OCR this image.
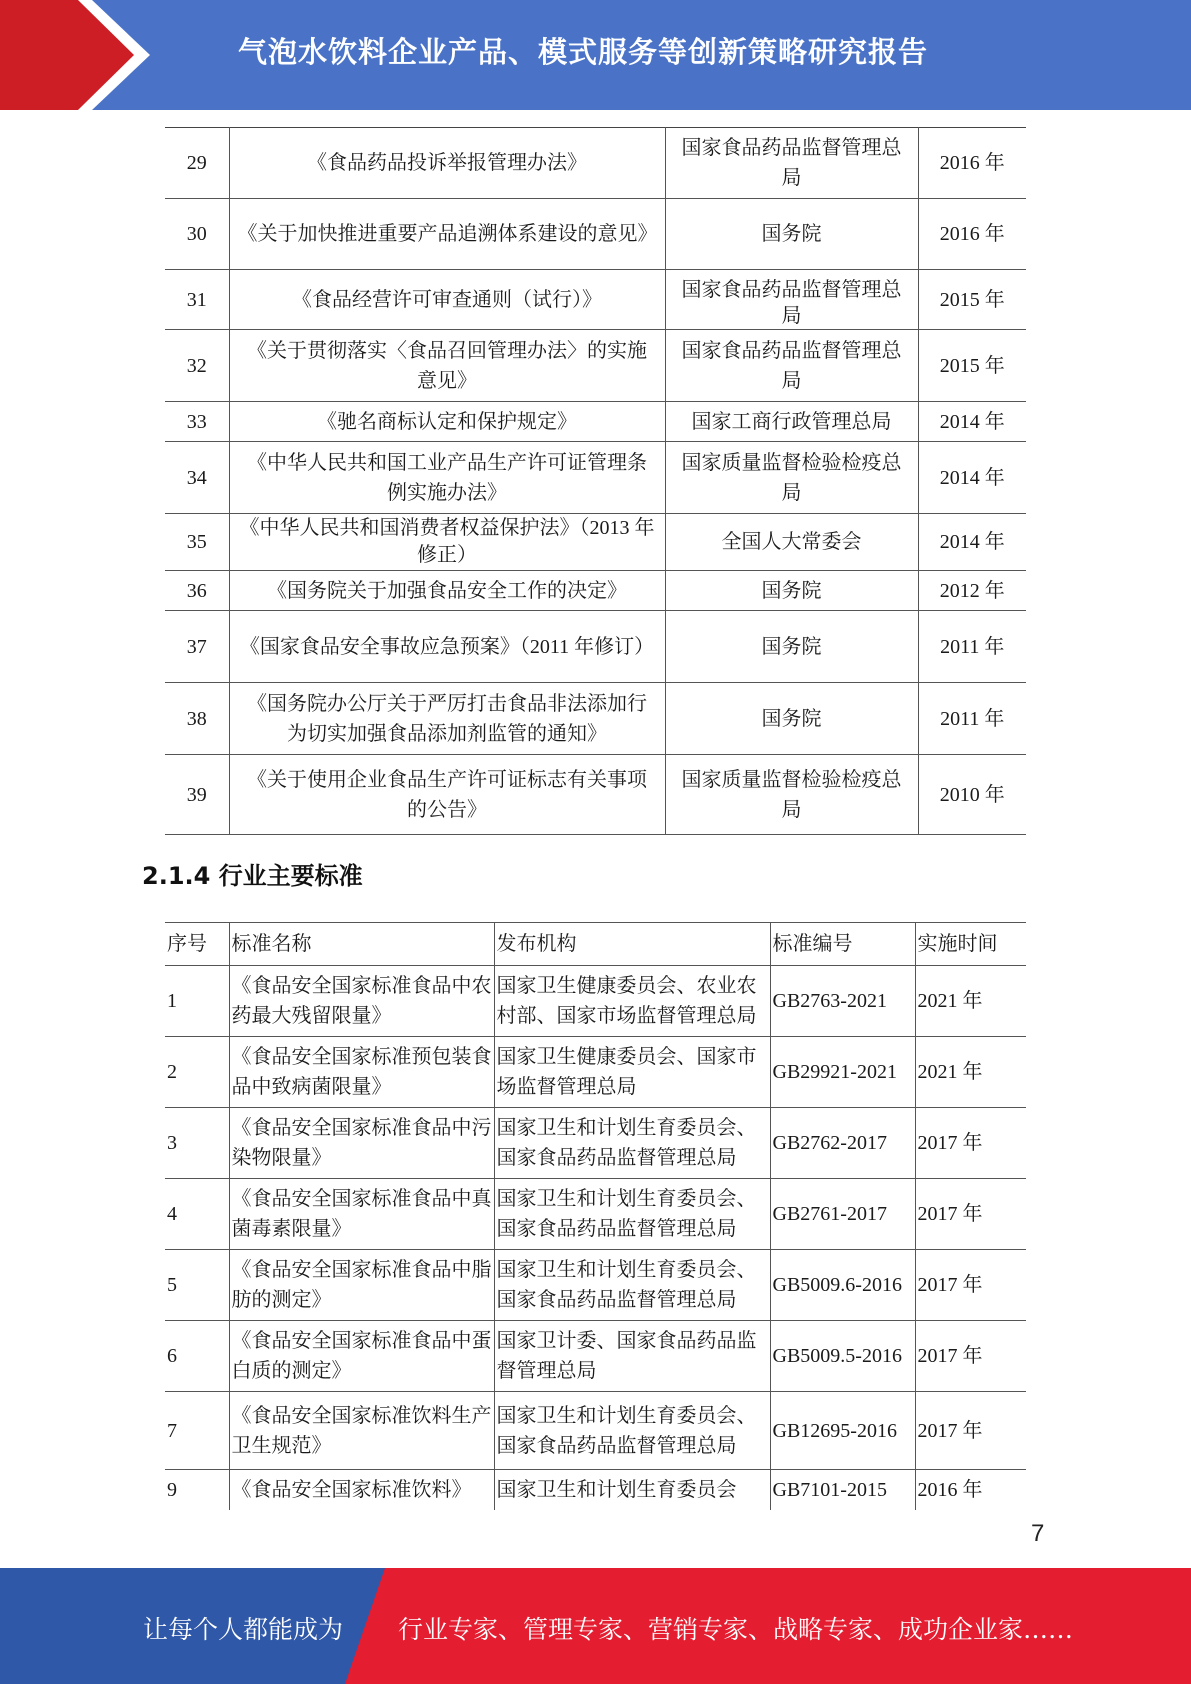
气泡水饮料企业产品、模式服务等创新策略研究报告
29	《食品药品投诉举报管理办法》	国家食品药品监督管理总局	2016 年
30	《关于加快推进重要产品追溯体系建设的意见》	国务院	2016 年
31	《食品经营许可审查通则（试行）》	国家食品药品监督管理总局	2015 年
32	《关于贯彻落实〈食品召回管理办法〉的实施意见》	国家食品药品监督管理总局	2015 年
33	《驰名商标认定和保护规定》	国家工商行政管理总局	2014 年
34	《中华人民共和国工业产品生产许可证管理条例实施办法》	国家质量监督检验检疫总局	2014 年
35	《中华人民共和国消费者权益保护法》（2013 年修正）	全国人大常委会	2014 年
36	《国务院关于加强食品安全工作的决定》	国务院	2012 年
37	《国家食品安全事故应急预案》（2011 年修订）	国务院	2011 年
38	《国务院办公厅关于严厉打击食品非法添加行为切实加强食品添加剂监管的通知》	国务院	2011 年
39	《关于使用企业食品生产许可证标志有关事项的公告》	国家质量监督检验检疫总局	2010 年
2.1.4 行业主要标准
序号	标准名称	发布机构	标准编号	实施时间
1	《食品安全国家标准食品中农药最大残留限量》	国家卫生健康委员会、农业农村部、国家市场监督管理总局	GB2763-2021	2021 年
2	《食品安全国家标准预包装食品中致病菌限量》	国家卫生健康委员会、国家市场监督管理总局	GB29921-2021	2021 年
3	《食品安全国家标准食品中污染物限量》	国家卫生和计划生育委员会、国家食品药品监督管理总局	GB2762-2017	2017 年
4	《食品安全国家标准食品中真菌毒素限量》	国家卫生和计划生育委员会、国家食品药品监督管理总局	GB2761-2017	2017 年
5	《食品安全国家标准食品中脂肪的测定》	国家卫生和计划生育委员会、国家食品药品监督管理总局	GB5009.6-2016	2017 年
6	《食品安全国家标准食品中蛋白质的测定》	国家卫计委、国家食品药品监督管理总局	GB5009.5-2016	2017 年
7	《食品安全国家标准饮料生产卫生规范》	国家卫生和计划生育委员会、国家食品药品监督管理总局	GB12695-2016	2017 年
9	《食品安全国家标准饮料》	国家卫生和计划生育委员会	GB7101-2015	2016 年
7
让每个人都能成为 行业专家、管理专家、营销专家、战略专家、成功企业家……
